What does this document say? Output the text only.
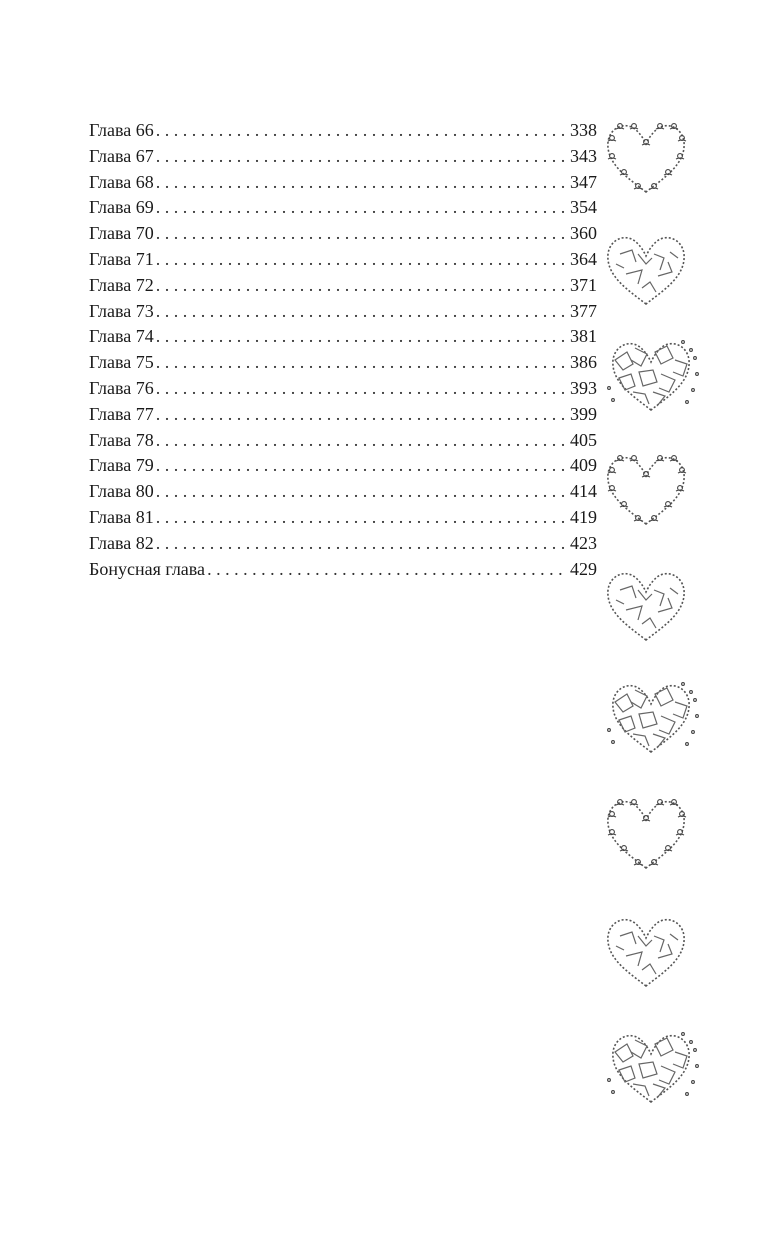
Глава 66 . . .	338
Глава 67 . . .	343
Глава 68 . . .	347
Глава 69 . . .	354
Глава 70 . . .	360
Глава 71 . . .	364
Глава 72 . . .	371
Глава 73 . . .	377
Глава 74 . . .	381
Глава 75 . . .	386
Глава 76 . . .	393
Глава 77 . . .	399
Глава 78 . . .	405
Глава 79 . . .	409
Глава 80 . . .	414
Глава 81 . . .	419
Глава 82 . . .	423
Бонусная глава . . .	429
